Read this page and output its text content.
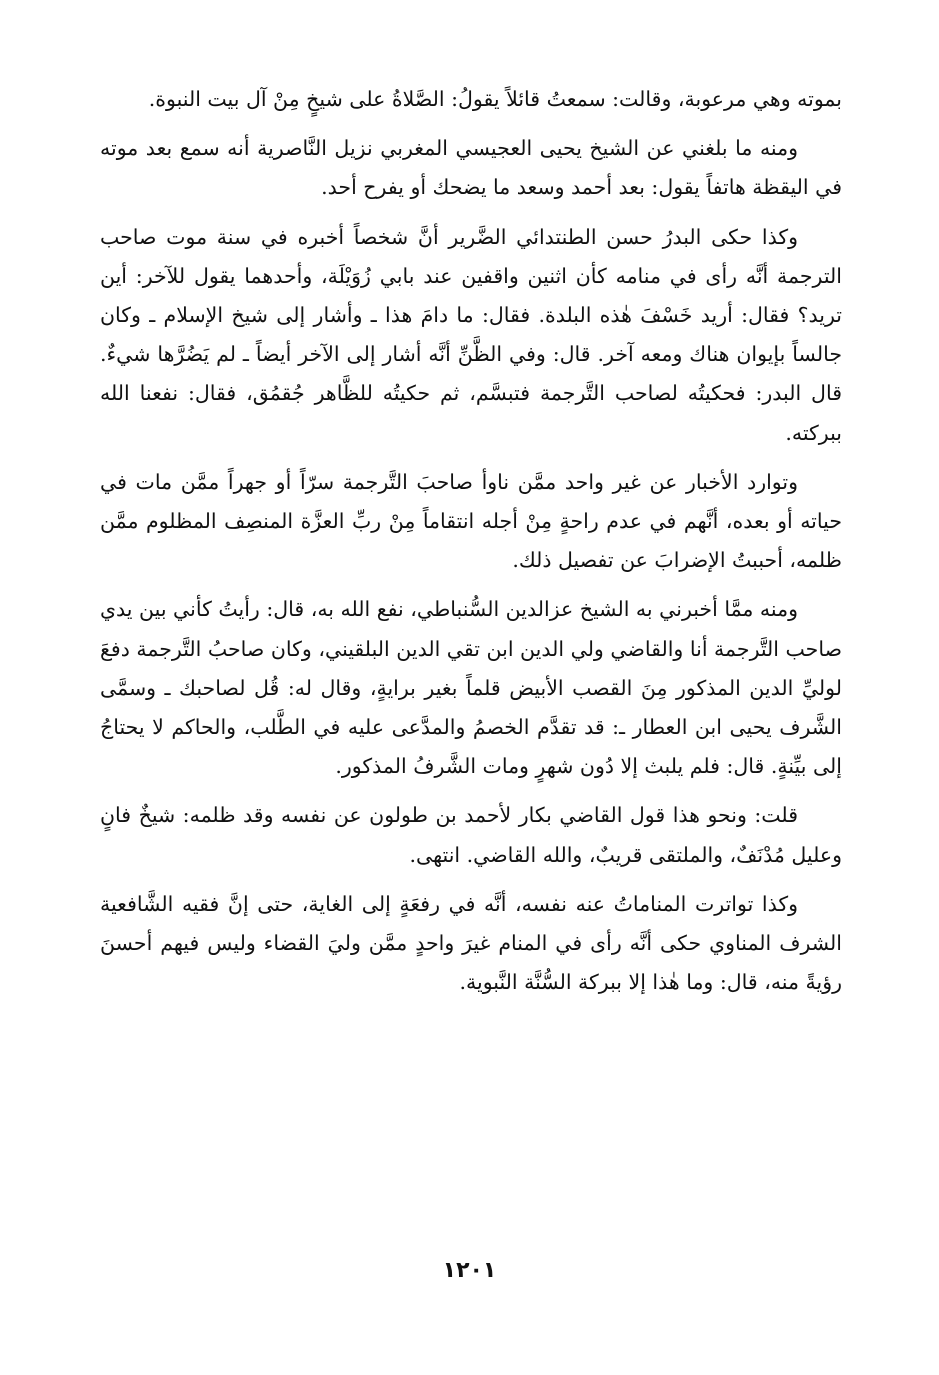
بموته وهي مرعوبة، وقالت: سمعتُ قائلاً يقولُ: الصَّلاةُ على شيخٍ مِنْ آل بيت النبوة.

ومنه ما بلغني عن الشيخ يحيى العجيسي المغربي نزيل النَّاصرية أنه سمع بعد موته في اليقظة هاتفاً يقول: بعد أحمد وسعد ما يضحك أو يفرح أحد.

وكذا حكى البدرُ حسن الطنتدائي الضَّرير أنَّ شخصاً أخبره في سنة موت صاحب الترجمة أنَّه رأى في منامه كأن اثنين واقفين عند بابي زُوَيْلَة، وأحدهما يقول للآخر: أين تريد؟ فقال: أريد خَسْفَ هٰذه البلدة. فقال: ما دامَ هذا ـ وأشار إلى شيخ الإسلام ـ وكان جالساً بإيوان هناك ومعه آخر. قال: وفي الظَّنِّ أنَّه أشار إلى الآخر أيضاً ـ لم يَضُرَّها شيءٌ. قال البدر: فحكيتُه لصاحب التَّرجمة فتبسَّم، ثم حكيتُه للظَّاهر جُقمُق، فقال: نفعنا الله ببركته.

وتوارد الأخبار عن غير واحد ممَّن ناوأ صاحبَ التَّرجمة سرّاً أو جهراً ممَّن مات في حياته أو بعده، أنَّهم في عدم راحةٍ مِنْ أجله انتقاماً مِنْ ربِّ العزَّة المنصِف المظلوم ممَّن ظلمه، أحببتُ الإضرابَ عن تفصيل ذلك.

ومنه ممَّا أخبرني به الشيخ عزالدين السُّنباطي، نفع الله به، قال: رأيتُ كأني بين يدي صاحب التَّرجمة أنا والقاضي ولي الدين ابن تقي الدين البلقيني، وكان صاحبُ التَّرجمة دفعَ لوليِّ الدين المذكور مِنَ القصب الأبيض قلماً بغير برايةٍ، وقال له: قُل لصاحبك ـ وسمَّى الشَّرف يحيى ابن العطار ـ: قد تقدَّم الخصمُ والمدَّعى عليه في الطَّلب، والحاكم لا يحتاجُ إلى بيِّنةٍ. قال: فلم يلبث إلا دُون شهرٍ ومات الشَّرفُ المذكور.

قلت: ونحو هذا قول القاضي بكار لأحمد بن طولون عن نفسه وقد ظلمه: شيخٌ فانٍ وعليل مُدْنَفٌ، والملتقى قريبٌ، والله القاضي. انتهى.

وكذا تواترت المناماتُ عنه نفسه، أنَّه في رفعَةٍ إلى الغاية، حتى إنَّ فقيه الشَّافعية الشرف المناوي حكى أنَّه رأى في المنام غيرَ واحدٍ ممَّن وليَ القضاء وليس فيهم أحسنَ رؤيةً منه، قال: وما هٰذا إلا ببركة السُّنَّة النَّبوية.

١٢٠١
